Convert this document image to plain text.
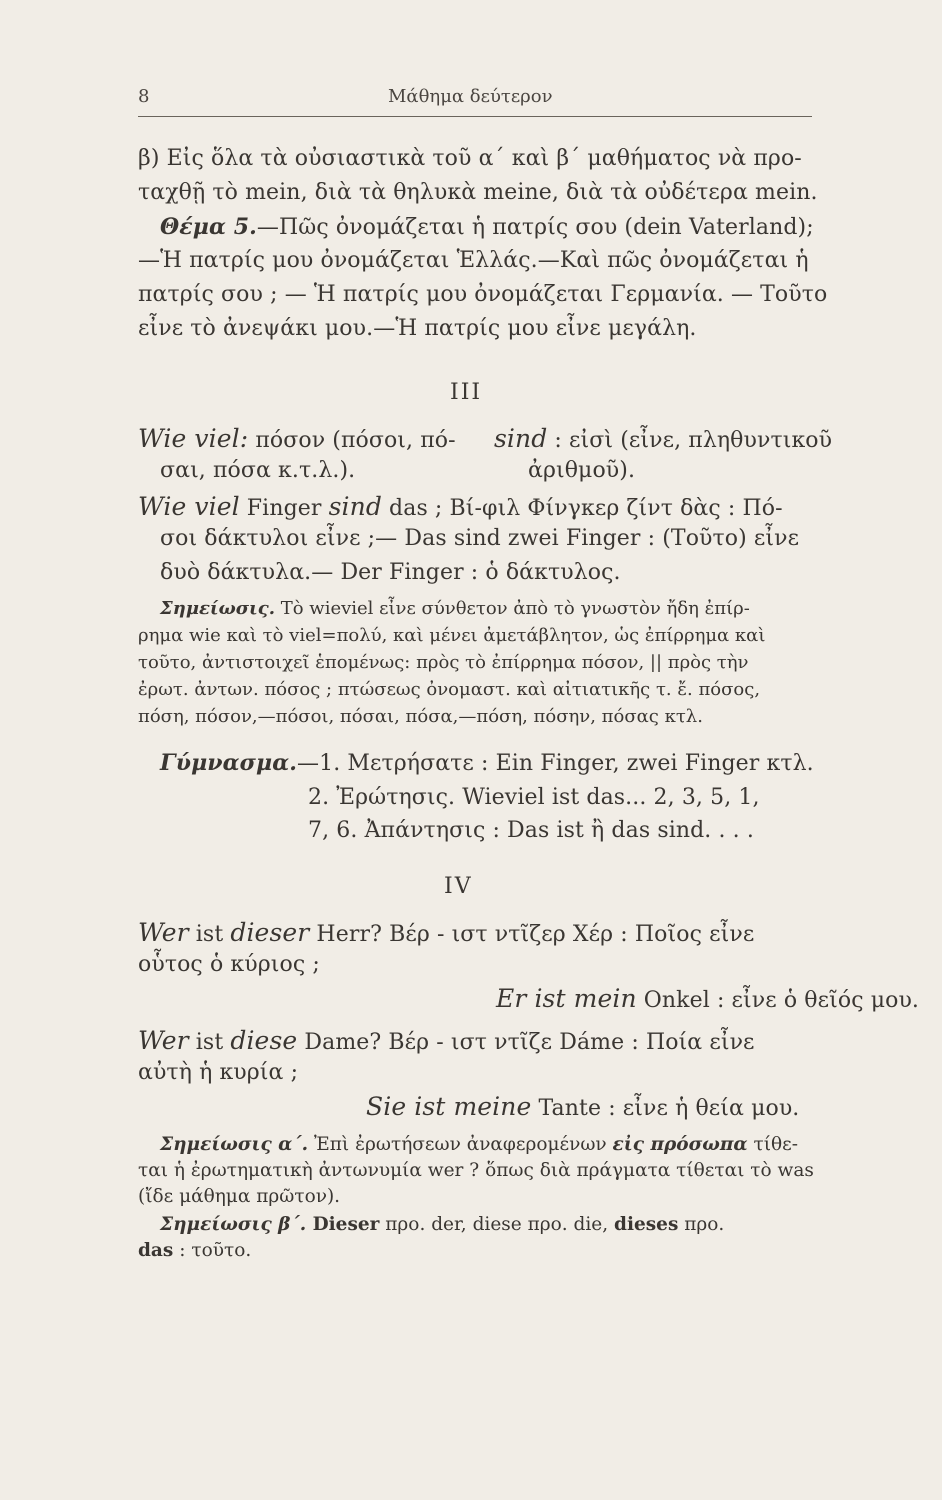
8	Μάθημα δεύτερον
β) Εἰς ὅλα τὰ οὐσιαστικὰ τοῦ α΄ καὶ β΄ μαθήματος νὰ προ-
ταχθῇ τὸ mein, διὰ τὰ θηλυκὰ meine, διὰ τὰ οὐδέτερα mein.
Θέμα 5.—Πῶς ὀνομάζεται ἡ πατρίς σου (dein Vaterland);
—Ἡ πατρίς μου ὀνομάζεται Ἑλλάς.—Καὶ πῶς ὀνομάζεται ἡ
πατρίς σου ; — Ἡ πατρίς μου ὀνομάζεται Γερμανία. — Τοῦτο
εἶνε τὸ ἀνεψάκι μου.—Ἡ πατρίς μου εἶνε μεγάλη.
III
Wie viel: πόσον (πόσοι, πό-
σαι, πόσα κ.τ.λ.).
sind : εἰσὶ (εἶνε, πληθυντικοῦ
ἀριθμοῦ).
Wie viel Finger sind das ; Βί-φιλ Φίνγκερ ζίντ δὰς : Πό-
σοι δάκτυλοι εἶνε ;— Das sind zwei Finger : (Τοῦτο) εἶνε
δυὸ δάκτυλα.— Der Finger : ὁ δάκτυλος.
Σημείωσις. Τὸ wieviel εἶνε σύνθετον ἀπὸ τὸ γνωστὸν ἤδη ἐπίρ-
ρημα wie καὶ τὸ viel=πολύ, καὶ μένει ἀμετάβλητον, ὡς ἐπίρρημα καὶ
τοῦτο, ἀντιστοιχεῖ ἑπομένως: πρὸς τὸ ἐπίρρημα πόσον, || πρὸς τὴν
ἐρωτ. ἀντων. πόσος ; πτώσεως ὀνομαστ. καὶ αἰτιατικῆς τ. ἔ. πόσος,
πόση, πόσον,—πόσοι, πόσαι, πόσα,—πόση, πόσην, πόσας κτλ.
Γύμνασμα.—1. Μετρήσατε : Ein Finger, zwei Finger κτλ.
2. Ἐρώτησις. Wieviel ist das... 2, 3, 5, 1,
7, 6. Ἀπάντησις : Das ist ἢ das sind. . . .
IV
Wer ist dieser Herr? Βέρ - ιστ ντῖζερ Χέρ : Ποῖος εἶνε
οὗτος ὁ κύριος ;
Er ist mein Onkel : εἶνε ὁ θεῖός μου.
Wer ist diese Dame? Βέρ - ιστ ντῖζε Dáme : Ποία εἶνε
αὐτὴ ἡ κυρία ;
Sie ist meine Tante : εἶνε ἡ θεία μου.
Σημείωσις α΄. Ἐπὶ ἐρωτήσεων ἀναφερομένων εἰς πρόσωπα τίθε-
ται ἡ ἐρωτηματικὴ ἀντωνυμία wer ? ὅπως διὰ πράγματα τίθεται τὸ was
(ἴδε μάθημα πρῶτον).
Σημείωσις β΄. Dieser προ. der, diese προ. die, dieses προ.
das : τοῦτο.
